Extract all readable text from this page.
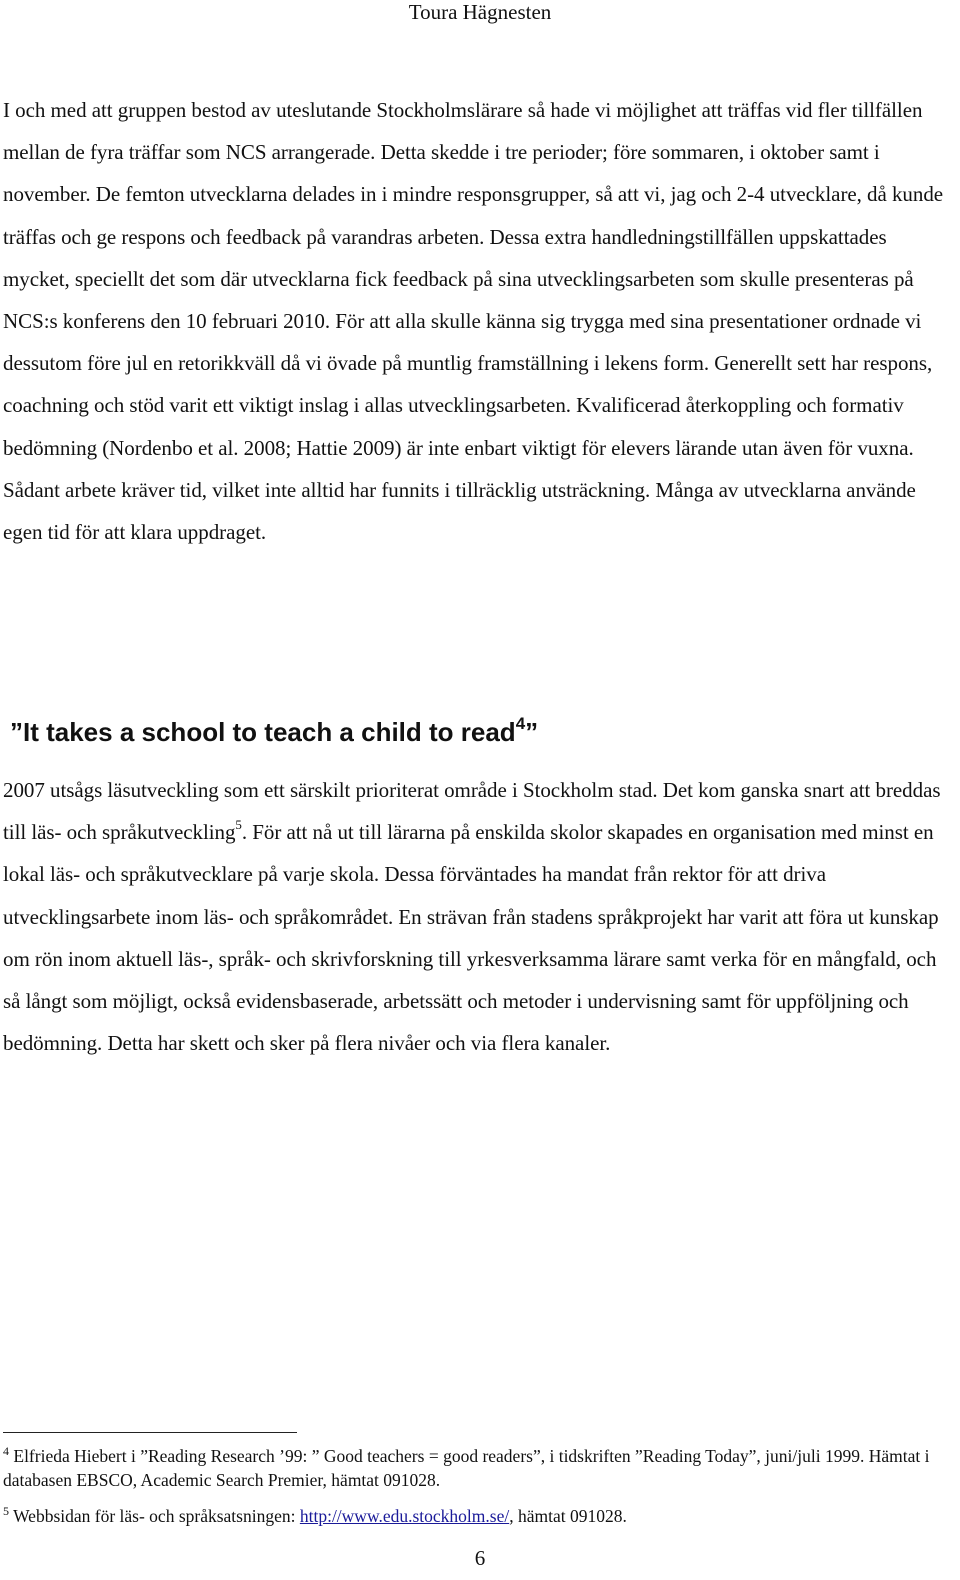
Toura Hägnesten

I och med att gruppen bestod av uteslutande Stockholmslärare så hade vi möjlighet att träffas vid fler tillfällen mellan de fyra träffar som NCS arrangerade. Detta skedde i tre perioder; före sommaren, i oktober samt i november. De femton utvecklarna delades in i mindre responsgrupper, så att vi, jag och 2-4 utvecklare, då kunde träffas och ge respons och feedback på varandras arbeten. Dessa extra handledningstillfällen uppskattades mycket, speciellt det som där utvecklarna fick feedback på sina utvecklingsarbeten som skulle presenteras på NCS:s konferens den 10 februari 2010. För att alla skulle känna sig trygga med sina presentationer ordnade vi dessutom före jul en retorikkväll då vi övade på muntlig framställning i lekens form. Generellt sett har respons, coachning och stöd varit ett viktigt inslag i allas utvecklingsarbeten. Kvalificerad återkoppling och formativ bedömning (Nordenbo et al. 2008; Hattie 2009) är inte enbart viktigt för elevers lärande utan även för vuxna. Sådant arbete kräver tid, vilket inte alltid har funnits i tillräcklig utsträckning. Många av utvecklarna använde egen tid för att klara uppdraget.

”It takes a school to teach a child to read$^4$”

2007 utsågs läsutveckling som ett särskilt prioriterat område i Stockholm stad. Det kom ganska snart att breddas till läs- och språkutveckling$^5$. För att nå ut till lärarna på enskilda skolor skapades en organisation med minst en lokal läs- och språkutvecklare på varje skola. Dessa förväntades ha mandat från rektor för att driva utvecklingsarbete inom läs- och språkområdet. En strävan från stadens språkprojekt har varit att föra ut kunskap om rön inom aktuell läs-, språk- och skrivforskning till yrkesverksamma lärare samt verka för en mångfald, och så långt som möjligt, också evidensbaserade, arbetssätt och metoder i undervisning samt för uppföljning och bedömning. Detta har skett och sker på flera nivåer och via flera kanaler.

$^4$ Elfrieda Hiebert i ”Reading Research ’99: ” Good teachers = good readers”, i tidskriften ”Reading Today”, juni/juli 1999. Hämtat i databasen EBSCO, Academic Search Premier, hämtat 091028.

$^5$ Webbsidan för läs- och språksatsningen: http://www.edu.stockholm.se/, hämtat 091028.

6
